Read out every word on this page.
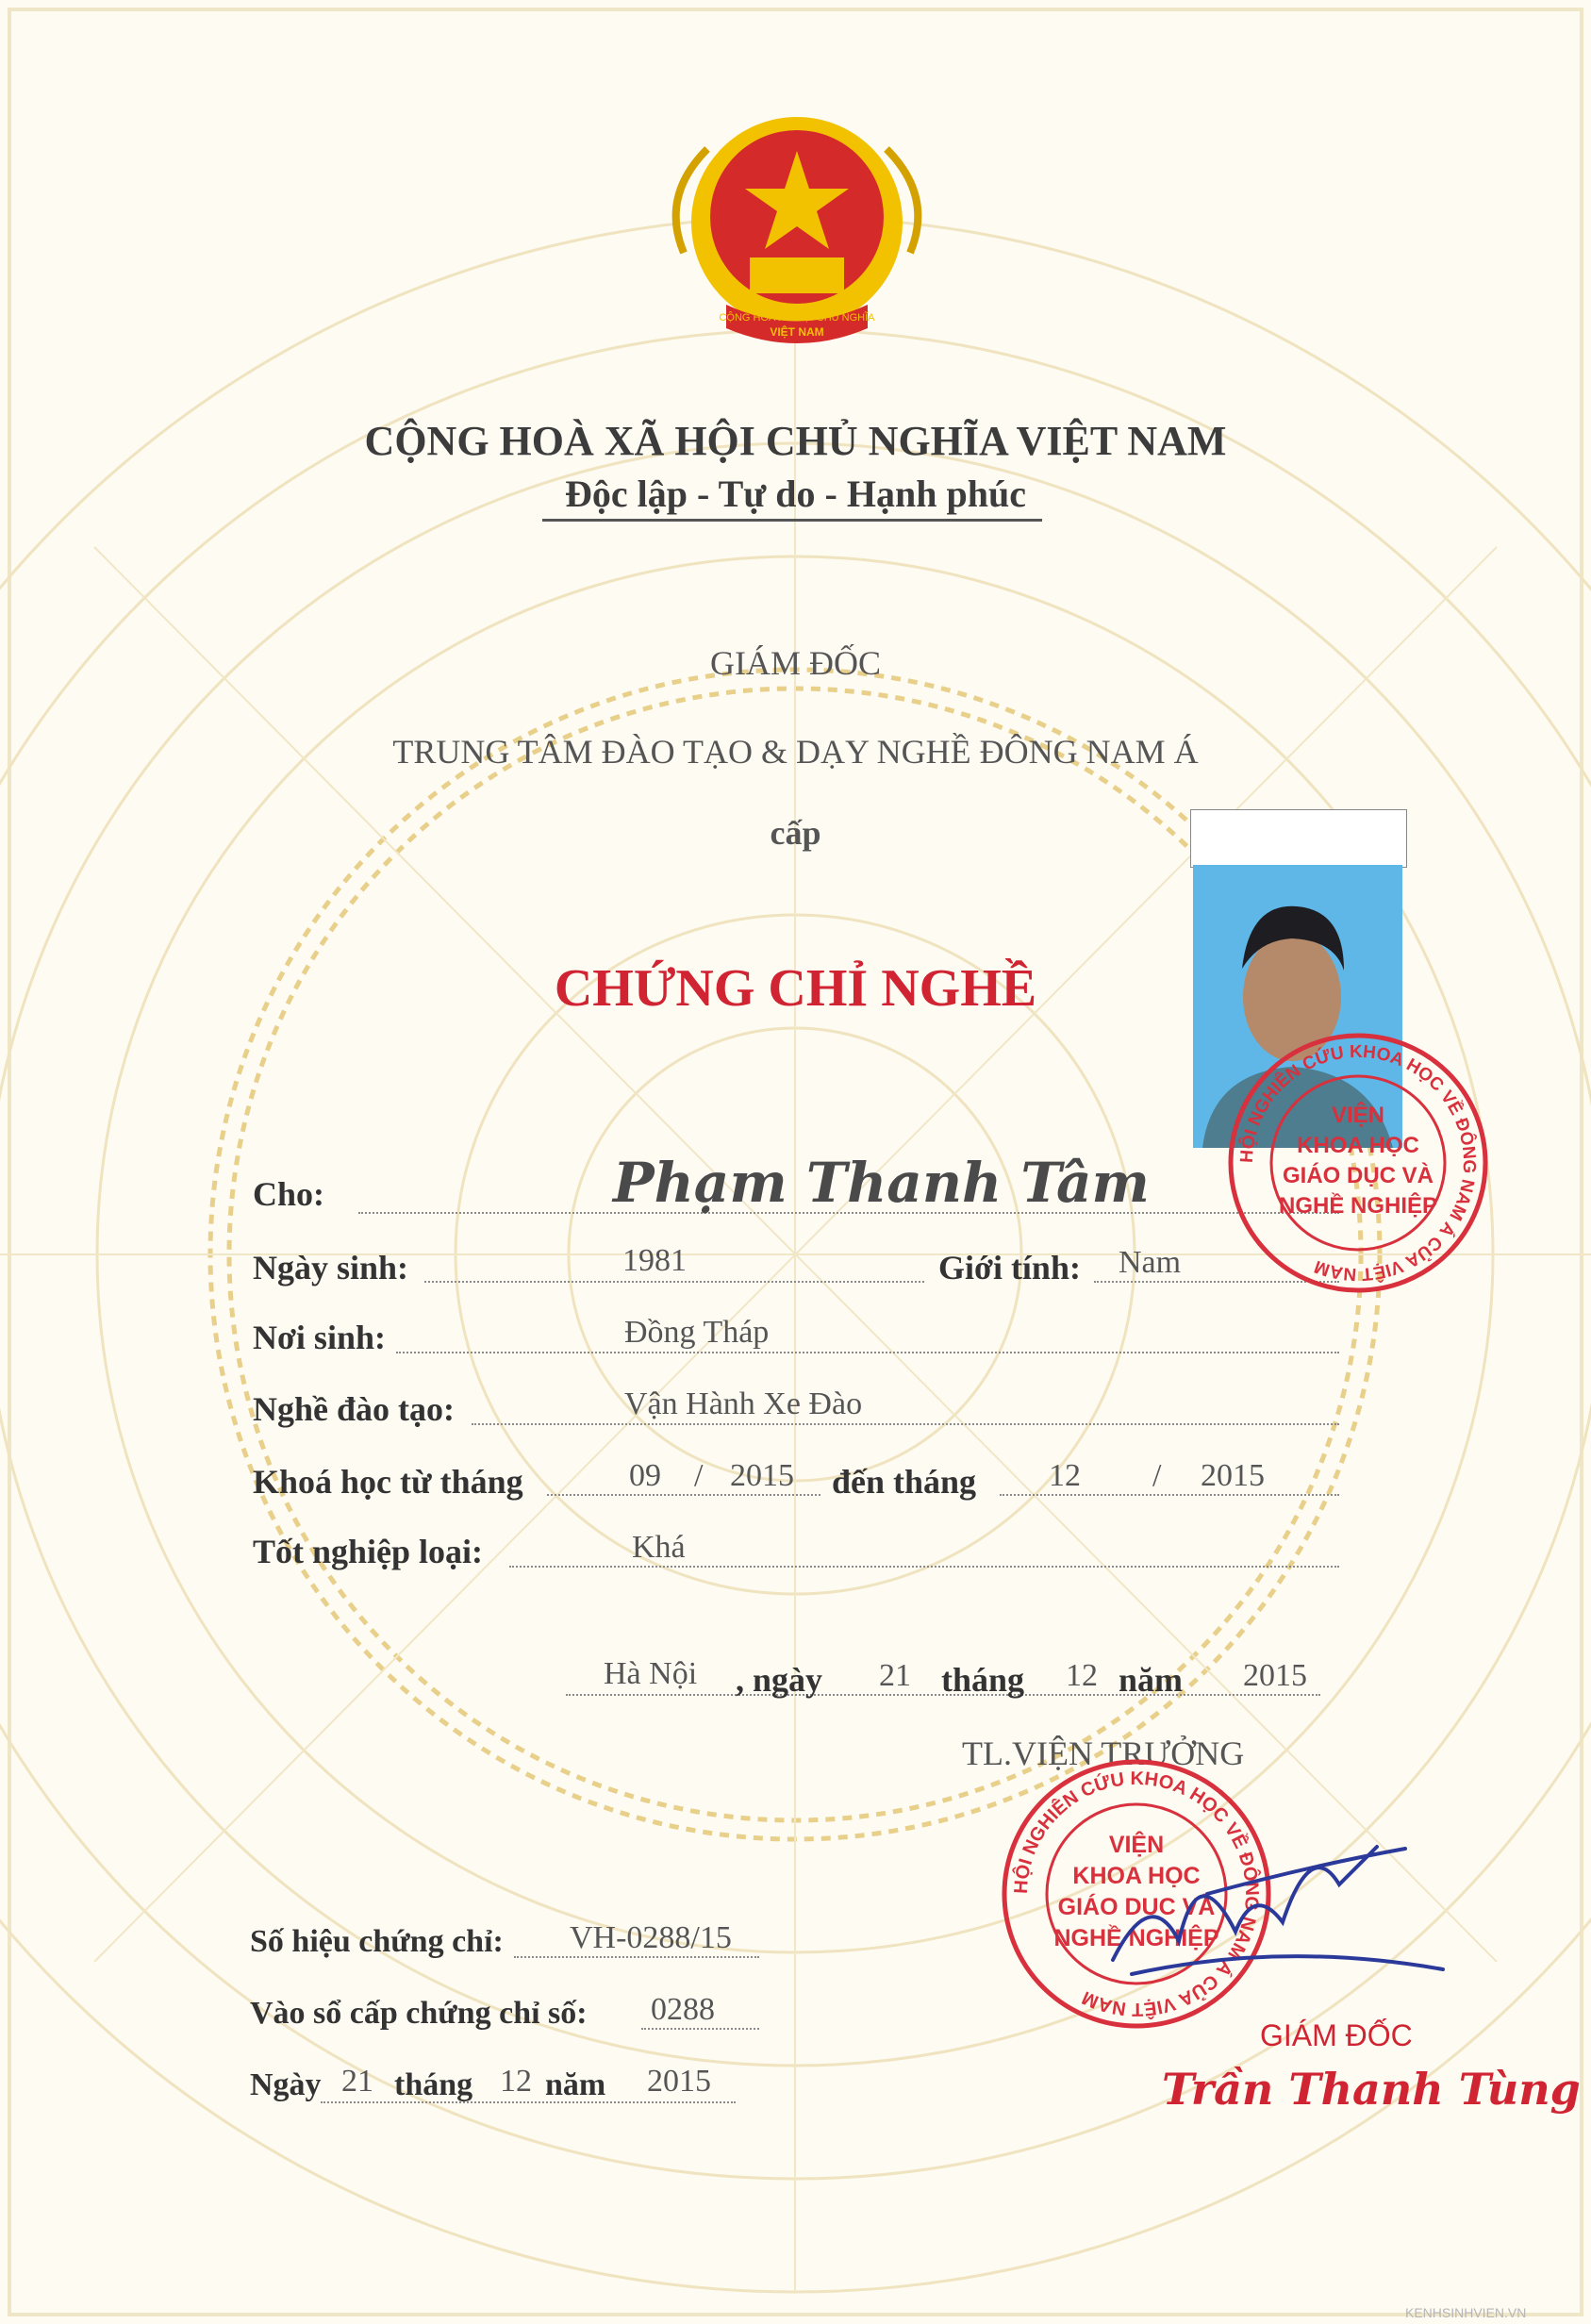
CỘNG HOÀ XÃ HỘI CHỦ NGHĨA
VIỆT NAM
CỘNG HOÀ XÃ HỘI CHỦ NGHĨA VIỆT NAM
Độc lập - Tự do - Hạnh phúc
GIÁM ĐỐC
TRUNG TÂM ĐÀO TẠO & DẠY NGHỀ ĐÔNG NAM Á
cấp
CHỨNG CHỈ NGHỀ
Cho:	Phạm Thanh Tâm
Ngày sinh:	1981	Giới tính: Nam
Nơi sinh:	Đồng Tháp
Nghề đào tạo:	Vận Hành Xe Đào
Khoá học từ tháng	09 / 2015 đến tháng 12 / 2015
Tốt nghiệp loại:	Khá
Hà Nội , ngày 21 tháng 12 năm 2015
TL.VIỆN TRƯỞNG
Số hiệu chứng chỉ: VH-0288/15
Vào sổ cấp chứng chỉ số: 0288
Ngày 21 tháng 12 năm 2015
HỘI NGHIÊN CỨU KHOA HỌC VỀ ĐÔNG NAM Á CỦA VIỆT NAM
VIỆN
KHOA HỌC
GIÁO DỤC VÀ
NGHỀ NGHIỆP
HỘI NGHIÊN CỨU KHOA HỌC VỀ ĐÔNG NAM Á CỦA VIỆT NAM
VIỆN
KHOA HỌC
GIÁO DỤC VÀ
NGHỀ NGHIỆP
GIÁM ĐỐC
Trần Thanh Tùng
KENHSINHVIEN.VN
